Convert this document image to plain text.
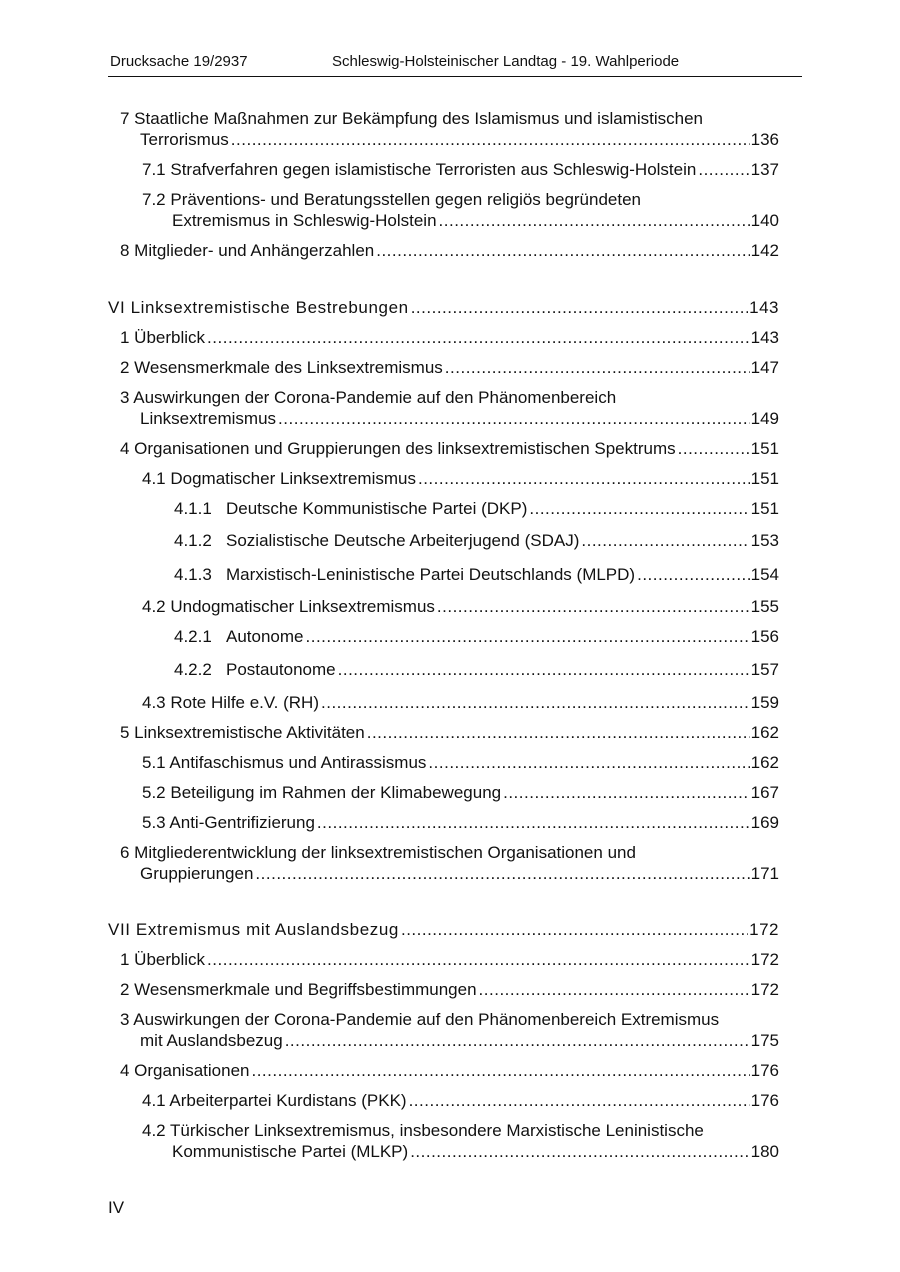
Drucksache 19/2937	Schleswig-Holsteinischer Landtag - 19. Wahlperiode
7 Staatliche Maßnahmen zur Bekämpfung des Islamismus und islamistischen
Terrorismus .....	136
7.1 Strafverfahren gegen islamistische Terroristen aus Schleswig-Holstein .....	137
7.2 Präventions- und Beratungsstellen gegen religiös begründeten
Extremismus in Schleswig-Holstein .....	140
8 Mitglieder- und Anhängerzahlen .....	142
VI Linksextremistische Bestrebungen .....	143
1 Überblick .....	143
2 Wesensmerkmale des Linksextremismus .....	147
3 Auswirkungen der Corona-Pandemie auf den Phänomenbereich
Linksextremismus .....	149
4 Organisationen und Gruppierungen des linksextremistischen Spektrums .....	151
4.1 Dogmatischer Linksextremismus .....	151
4.1.1 Deutsche Kommunistische Partei (DKP) .....	151
4.1.2 Sozialistische Deutsche Arbeiterjugend (SDAJ) .....	153
4.1.3 Marxistisch-Leninistische Partei Deutschlands (MLPD) .....	154
4.2 Undogmatischer Linksextremismus .....	155
4.2.1 Autonome .....	156
4.2.2 Postautonome .....	157
4.3 Rote Hilfe e.V. (RH) .....	159
5 Linksextremistische Aktivitäten .....	162
5.1 Antifaschismus und Antirassismus .....	162
5.2 Beteiligung im Rahmen der Klimabewegung .....	167
5.3 Anti-Gentrifizierung .....	169
6 Mitgliederentwicklung der linksextremistischen Organisationen und
Gruppierungen .....	171
VII Extremismus mit Auslandsbezug .....	172
1 Überblick .....	172
2 Wesensmerkmale und Begriffsbestimmungen .....	172
3 Auswirkungen der Corona-Pandemie auf den Phänomenbereich Extremismus
mit Auslandsbezug .....	175
4 Organisationen .....	176
4.1 Arbeiterpartei Kurdistans (PKK) .....	176
4.2 Türkischer Linksextremismus, insbesondere Marxistische Leninistische
Kommunistische Partei (MLKP) .....	180
IV
